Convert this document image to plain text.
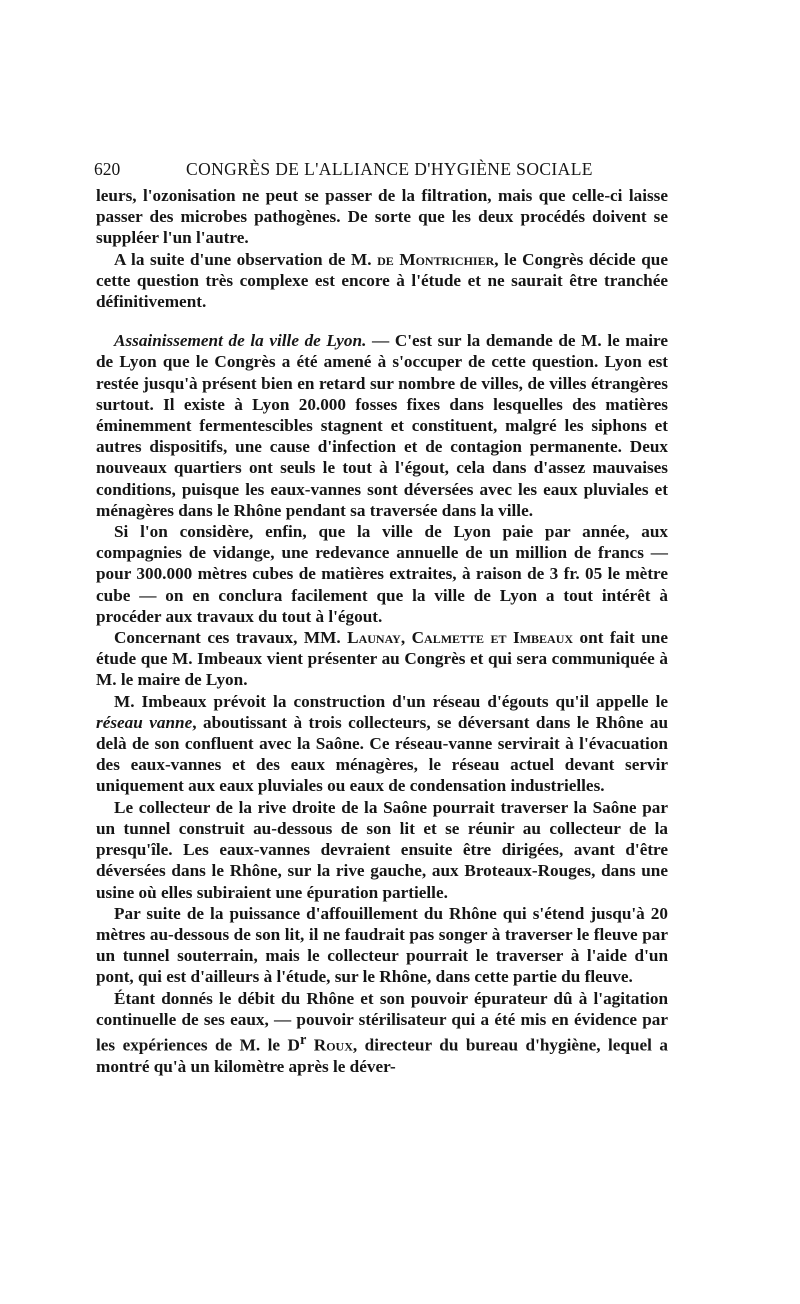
620	CONGRÈS DE L'ALLIANCE D'HYGIÈNE SOCIALE

leurs, l'ozonisation ne peut se passer de la filtration, mais que celle-ci laisse passer des microbes pathogènes. De sorte que les deux procédés doivent se suppléer l'un l'autre.

A la suite d'une observation de M. de Montrichier, le Congrès décide que cette question très complexe est encore à l'étude et ne saurait être tranchée définitivement.

Assainissement de la ville de Lyon. — C'est sur la demande de M. le maire de Lyon que le Congrès a été amené à s'occuper de cette question. Lyon est restée jusqu'à présent bien en retard sur nombre de villes, de villes étrangères surtout. Il existe à Lyon 20.000 fosses fixes dans lesquelles des matières éminemment fermentescibles stagnent et constituent, malgré les siphons et autres dispositifs, une cause d'infection et de contagion permanente. Deux nouveaux quartiers ont seuls le tout à l'égout, cela dans d'assez mauvaises conditions, puisque les eaux-vannes sont déversées avec les eaux pluviales et ménagères dans le Rhône pendant sa traversée dans la ville.

Si l'on considère, enfin, que la ville de Lyon paie par année, aux compagnies de vidange, une redevance annuelle de un million de francs — pour 300.000 mètres cubes de matières extraites, à raison de 3 fr. 05 le mètre cube — on en conclura facilement que la ville de Lyon a tout intérêt à procéder aux travaux du tout à l'égout.

Concernant ces travaux, MM. Launay, Calmette et Imbeaux ont fait une étude que M. Imbeaux vient présenter au Congrès et qui sera communiquée à M. le maire de Lyon.

M. Imbeaux prévoit la construction d'un réseau d'égouts qu'il appelle le réseau vanne, aboutissant à trois collecteurs, se déversant dans le Rhône au delà de son confluent avec la Saône. Ce réseau-vanne servirait à l'évacuation des eaux-vannes et des eaux ménagères, le réseau actuel devant servir uniquement aux eaux pluviales ou eaux de condensation industrielles.

Le collecteur de la rive droite de la Saône pourrait traverser la Saône par un tunnel construit au-dessous de son lit et se réunir au collecteur de la presqu'île. Les eaux-vannes devraient ensuite être dirigées, avant d'être déversées dans le Rhône, sur la rive gauche, aux Broteaux-Rouges, dans une usine où elles subiraient une épuration partielle.

Par suite de la puissance d'affouillement du Rhône qui s'étend jusqu'à 20 mètres au-dessous de son lit, il ne faudrait pas songer à traverser le fleuve par un tunnel souterrain, mais le collecteur pourrait le traverser à l'aide d'un pont, qui est d'ailleurs à l'étude, sur le Rhône, dans cette partie du fleuve.

Étant donnés le débit du Rhône et son pouvoir épurateur dû à l'agitation continuelle de ses eaux, — pouvoir stérilisateur qui a été mis en évidence par les expériences de M. le $D^r$ Roux, directeur du bureau d'hygiène, lequel a montré qu'à un kilomètre après le déver-
